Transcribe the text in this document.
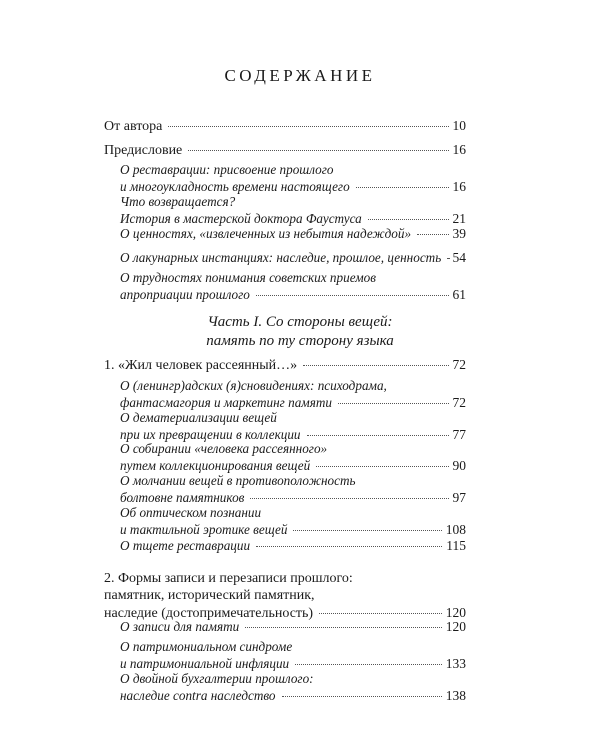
СОДЕРЖАНИЕ
От автора	10
Предисловие	16
О реставрации: присвоение прошлого
и многоукладность времени настоящего	16
Что возвращается?
История в мастерской доктора Фаустуса	21
О ценностях, «извлеченных из небытия надеждой»	39
О лакунарных инстанциях: наследие, прошлое, ценность 54
О трудностях понимания советских приемов
апроприации прошлого	61
Часть I. Со стороны вещей:
память по ту сторону языка
1. «Жил человек рассеянный…»	72
О (ленингр)адских (я)сновидениях: психодрама,
фантасмагория и маркетинг памяти	72
О дематериализации вещей
при их превращении в коллекции	77
О собирании «человека рассеянного»
путем коллекционирования вещей	90
О молчании вещей в противоположность
болтовне памятников	97
Об оптическом познании
и тактильной эротике вещей	108
О тщете реставрации	115
2. Формы записи и перезаписи прошлого:
памятник, исторический памятник,
наследие (достопримечательность)	120
О записи для памяти	120
О патримониальном синдроме
и патримониальной инфляции	133
О двойной бухгалтерии прошлого:
наследие contra наследство	138
